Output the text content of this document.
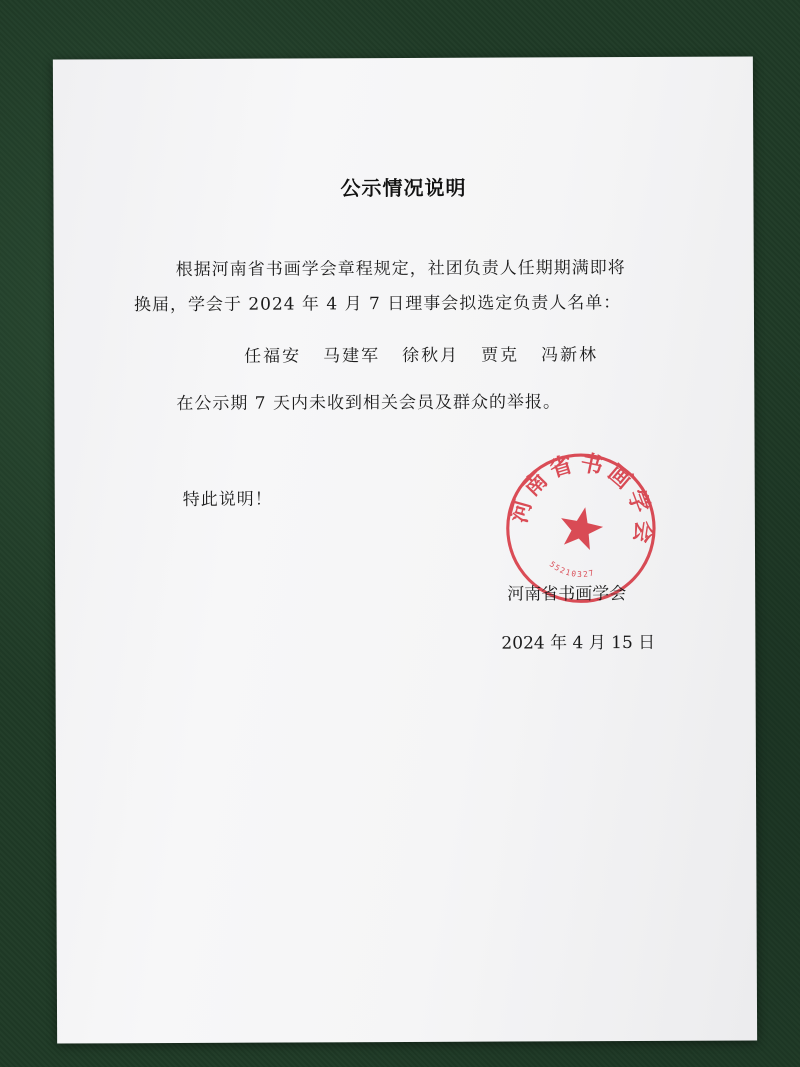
公示情况说明
根据河南省书画学会章程规定，社团负责人任期期满即将
换届，学会于 2024 年 4 月 7 日理事会拟选定负责人名单：
任福安 马建军 徐秋月 贾克 冯新林
在公示期 7 天内未收到相关会员及群众的举报。
特此说明！	河南省书画学会
55210327
河南省书画学会
2024 年 4 月 15 日
